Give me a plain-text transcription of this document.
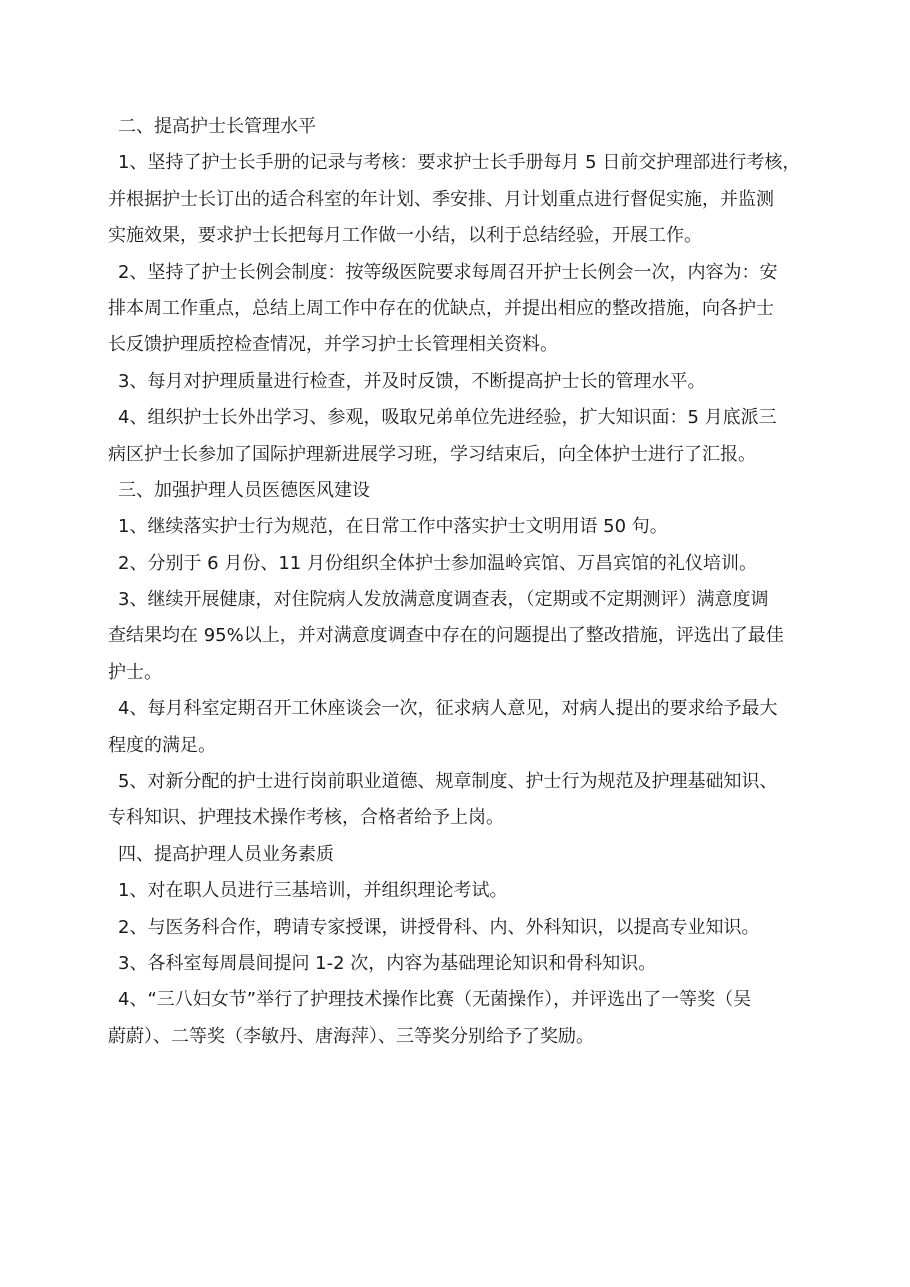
二、提高护士长管理水平
1、坚持了护士长手册的记录与考核：要求护士长手册每月 5 日前交护理部进行考核，
并根据护士长订出的适合科室的年计划、季安排、月计划重点进行督促实施，并监测
实施效果，要求护士长把每月工作做一小结，以利于总结经验，开展工作。
2、坚持了护士长例会制度：按等级医院要求每周召开护士长例会一次，内容为：安
排本周工作重点，总结上周工作中存在的优缺点，并提出相应的整改措施，向各护士
长反馈护理质控检查情况，并学习护士长管理相关资料。
3、每月对护理质量进行检查，并及时反馈，不断提高护士长的管理水平。
4、组织护士长外出学习、参观，吸取兄弟单位先进经验，扩大知识面：5 月底派三
病区护士长参加了国际护理新进展学习班，学习结束后，向全体护士进行了汇报。
三、加强护理人员医德医风建设
1、继续落实护士行为规范，在日常工作中落实护士文明用语 50 句。
2、分别于 6 月份、11 月份组织全体护士参加温岭宾馆、万昌宾馆的礼仪培训。
3、继续开展健康，对住院病人发放满意度调查表，（定期或不定期测评）满意度调
查结果均在 95%以上，并对满意度调查中存在的问题提出了整改措施，评选出了最佳
护士。
4、每月科室定期召开工休座谈会一次，征求病人意见，对病人提出的要求给予最大
程度的满足。
5、对新分配的护士进行岗前职业道德、规章制度、护士行为规范及护理基础知识、
专科知识、护理技术操作考核，合格者给予上岗。
四、提高护理人员业务素质
1、对在职人员进行三基培训，并组织理论考试。
2、与医务科合作，聘请专家授课，讲授骨科、内、外科知识，以提高专业知识。
3、各科室每周晨间提问 1-2 次，内容为基础理论知识和骨科知识。
4、“三八妇女节”举行了护理技术操作比赛（无菌操作），并评选出了一等奖（吴
蔚蔚）、二等奖（李敏丹、唐海萍）、三等奖分别给予了奖励。
